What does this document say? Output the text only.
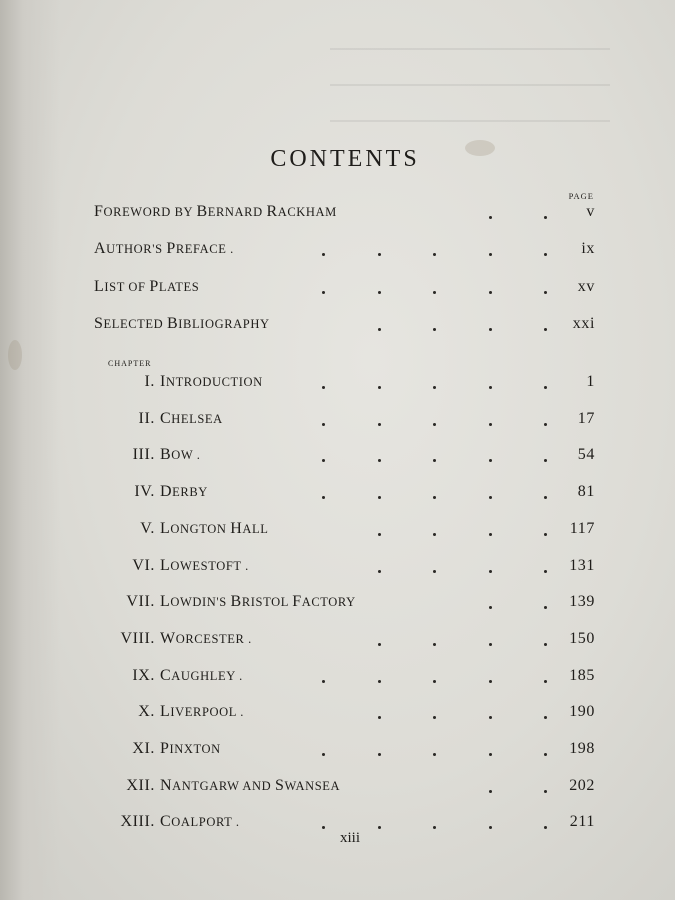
CONTENTS
PAGE
FOREWORD BY BERNARD RACKHAM	v
AUTHOR'S PREFACE .	ix
LIST OF PLATES	xv
SELECTED BIBLIOGRAPHY	xxi
CHAPTER
I. INTRODUCTION	1
II. CHELSEA	17
III. BOW .	54
IV. DERBY	81
V. LONGTON HALL	117
VI. LOWESTOFT .	131
VII. LOWDIN'S BRISTOL FACTORY	139
VIII. WORCESTER .	150
IX. CAUGHLEY .	185
X. LIVERPOOL .	190
XI. PINXTON	198
XII. NANTGARW AND SWANSEA	202
XIII. COALPORT .	211
xiii
